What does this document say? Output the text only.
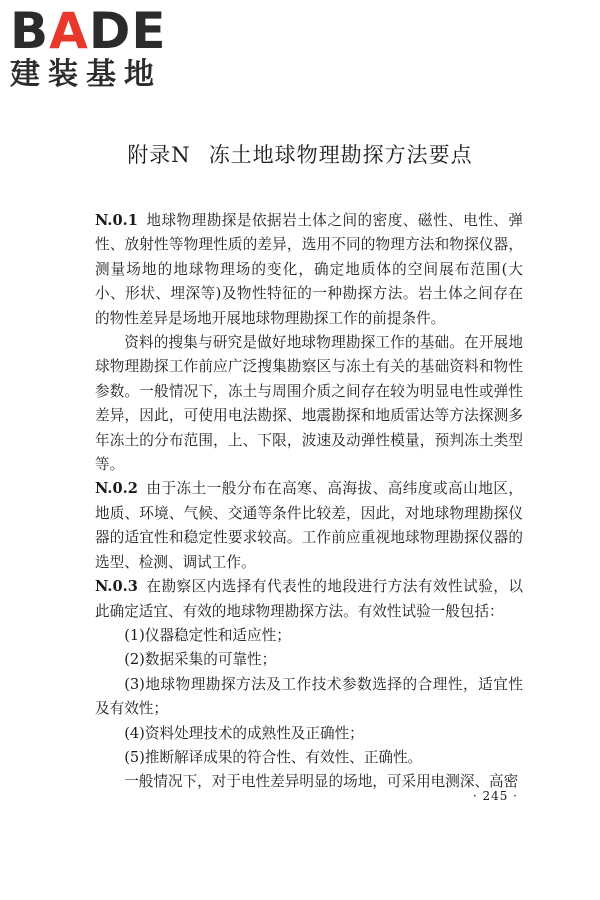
BADE
建装基地
附录N 冻土地球物理勘探方法要点

N.0.1 地球物理勘探是依据岩土体之间的密度、磁性、电性、弹性、放射性等物理性质的差异，选用不同的物理方法和物探仪器，测量场地的地球物理场的变化，确定地质体的空间展布范围(大小、形状、埋深等)及物性特征的一种勘探方法。岩土体之间存在的物性差异是场地开展地球物理勘探工作的前提条件。

资料的搜集与研究是做好地球物理勘探工作的基础。在开展地球物理勘探工作前应广泛搜集勘察区与冻土有关的基础资料和物性参数。一般情况下，冻土与周围介质之间存在较为明显电性或弹性差异，因此，可使用电法勘探、地震勘探和地质雷达等方法探测多年冻土的分布范围，上、下限，波速及动弹性模量，预判冻土类型等。

N.0.2 由于冻土一般分布在高寒、高海拔、高纬度或高山地区，地质、环境、气候、交通等条件比较差，因此，对地球物理勘探仪器的适宜性和稳定性要求较高。工作前应重视地球物理勘探仪器的选型、检测、调试工作。

N.0.3 在勘察区内选择有代表性的地段进行方法有效性试验，以此确定适宜、有效的地球物理勘探方法。有效性试验一般包括：

(1)仪器稳定性和适应性；

(2)数据采集的可靠性；

(3)地球物理勘探方法及工作技术参数选择的合理性，适宜性及有效性；

(4)资料处理技术的成熟性及正确性；

(5)推断解译成果的符合性、有效性、正确性。

一般情况下，对于电性差异明显的场地，可采用电测深、高密

· 245 ·
